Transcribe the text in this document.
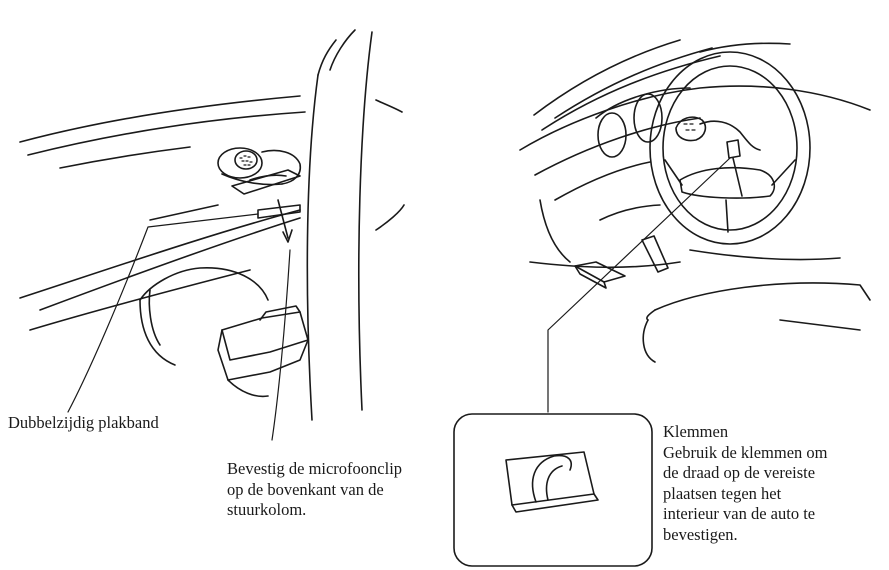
Dubbelzijdig plakband
Bevestig de microfoonclip
op de bovenkant van de
stuurkolom.
Klemmen
Gebruik de klemmen om
de draad op de vereiste
plaatsen tegen het
interieur van de auto te
bevestigen.
